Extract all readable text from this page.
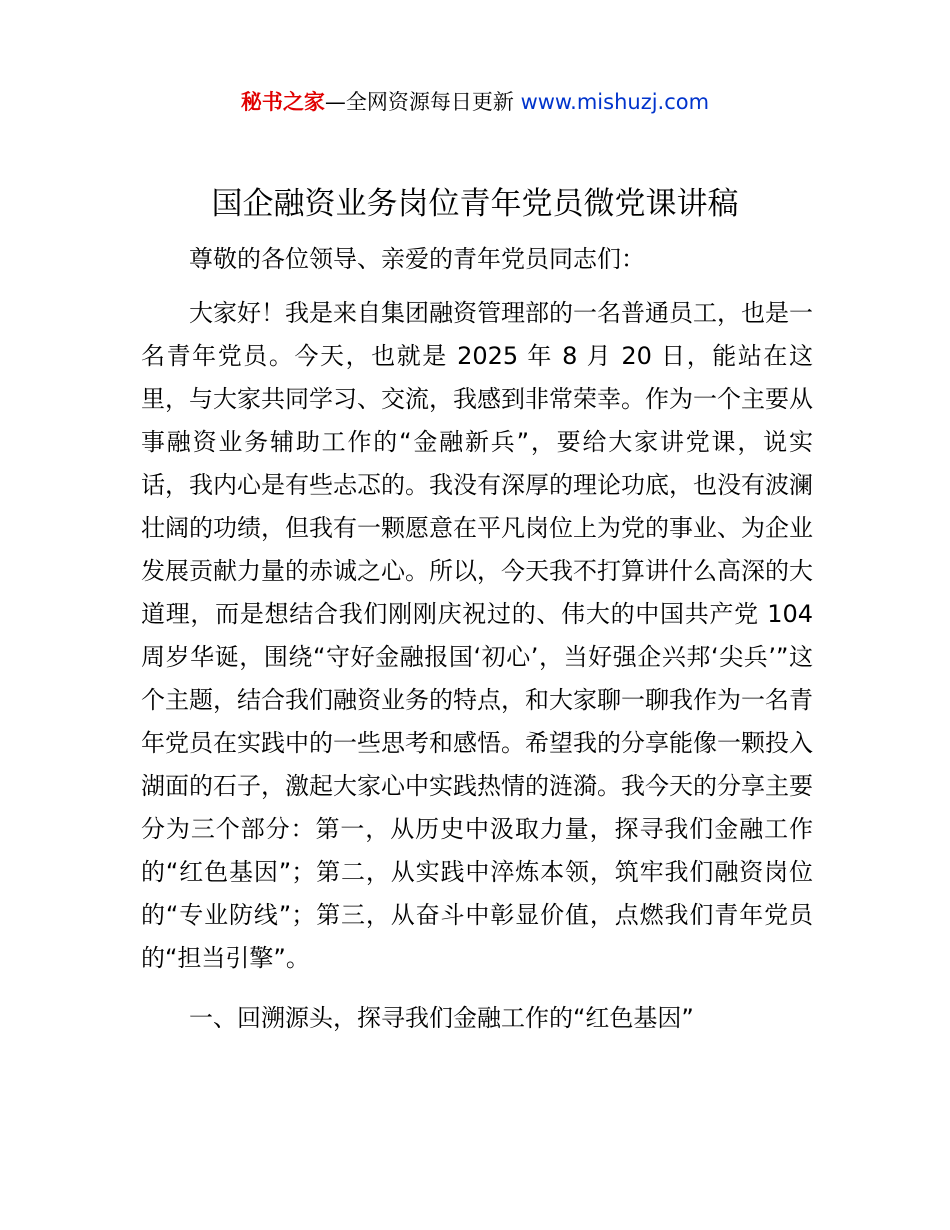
秘书之家—全网资源每日更新 www.mishuzj.com
国企融资业务岗位青年党员微党课讲稿

尊敬的各位领导、亲爱的青年党员同志们：

大家好！我是来自集团融资管理部的一名普通员工，也是一名青年党员。今天，也就是 2025 年 8 月 20 日，能站在这里，与大家共同学习、交流，我感到非常荣幸。作为一个主要从事融资业务辅助工作的“金融新兵”，要给大家讲党课，说实话，我内心是有些忐忑的。我没有深厚的理论功底，也没有波澜壮阔的功绩，但我有一颗愿意在平凡岗位上为党的事业、为企业发展贡献力量的赤诚之心。所以，今天我不打算讲什么高深的大道理，而是想结合我们刚刚庆祝过的、伟大的中国共产党 104 周岁华诞，围绕“守好金融报国‘初心’，当好强企兴邦‘尖兵’”这个主题，结合我们融资业务的特点，和大家聊一聊我作为一名青年党员在实践中的一些思考和感悟。希望我的分享能像一颗投入湖面的石子，激起大家心中实践热情的涟漪。我今天的分享主要分为三个部分：第一，从历史中汲取力量，探寻我们金融工作的“红色基因”；第二，从实践中淬炼本领，筑牢我们融资岗位的“专业防线”；第三，从奋斗中彰显价值，点燃我们青年党员的“担当引擎”。

一、回溯源头，探寻我们金融工作的“红色基因”
